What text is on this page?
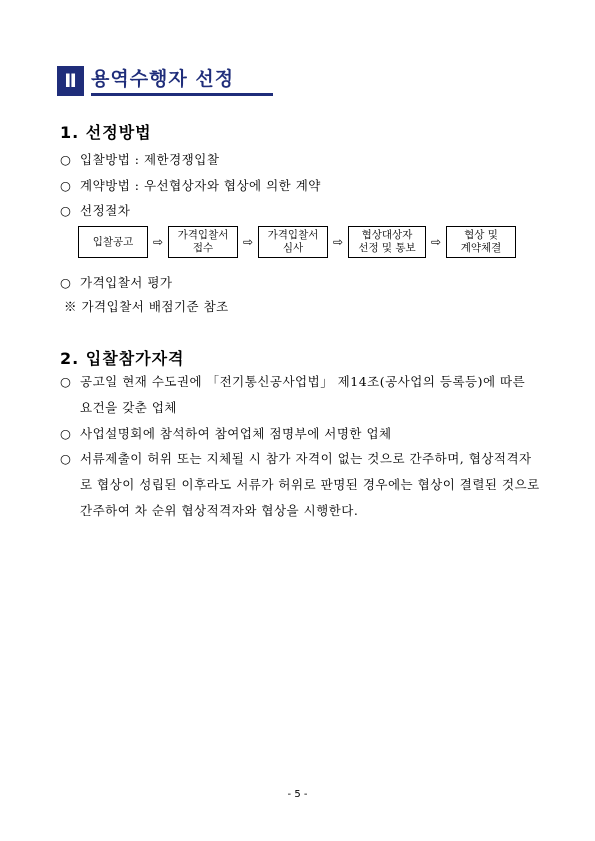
Ⅱ 용역수행자 선정
1. 선정방법
○ 입찰방법 : 제한경쟁입찰
○ 계약방법 : 우선협상자와 협상에 의한 계약
○ 선정절차
입찰공고	⇨	가격입찰서
접수	⇨	가격입찰서
심사	⇨	협상대상자
선정 및 통보	⇨	협상 및
계약체결
○ 가격입찰서 평가
※ 가격입찰서 배점기준 참조
2. 입찰참가자격
○ 공고일 현재 수도권에 「전기통신공사업법」 제14조(공사업의 등록등)에 따른 요건을 갖춘 업체
○ 사업설명회에 참석하여 참여업체 점명부에 서명한 업체
○ 서류제출이 허위 또는 지체될 시 참가 자격이 없는 것으로 간주하며, 협상적격자로 협상이 성립된 이후라도 서류가 허위로 판명된 경우에는 협상이 결렬된 것으로 간주하여 차 순위 협상적격자와 협상을 시행한다.
- 5 -
